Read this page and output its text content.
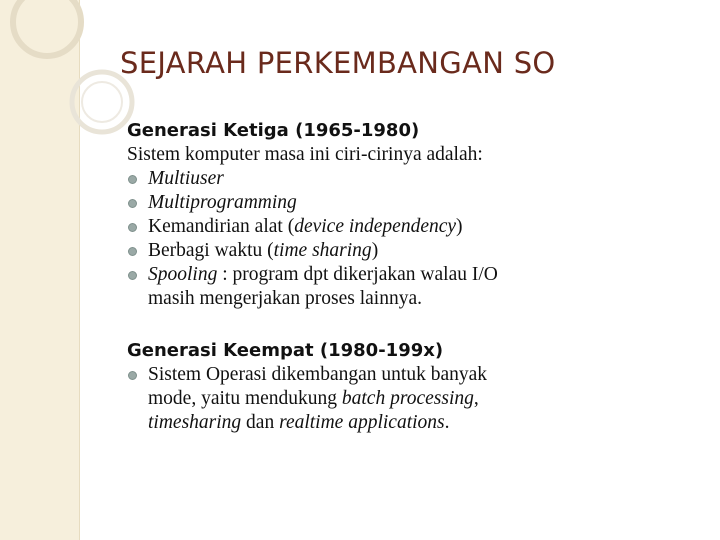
SEJARAH PERKEMBANGAN SO
Generasi Ketiga (1965-1980)
Sistem komputer masa ini ciri-cirinya adalah:
Multiuser
Multiprogramming
Kemandirian alat (device independency)
Berbagi waktu (time sharing)
Spooling : program dpt dikerjakan walau I/O
masih mengerjakan proses lainnya.
Generasi Keempat (1980-199x)
Sistem Operasi dikembangan untuk banyak
mode, yaitu mendukung batch processing,
timesharing dan realtime applications.
